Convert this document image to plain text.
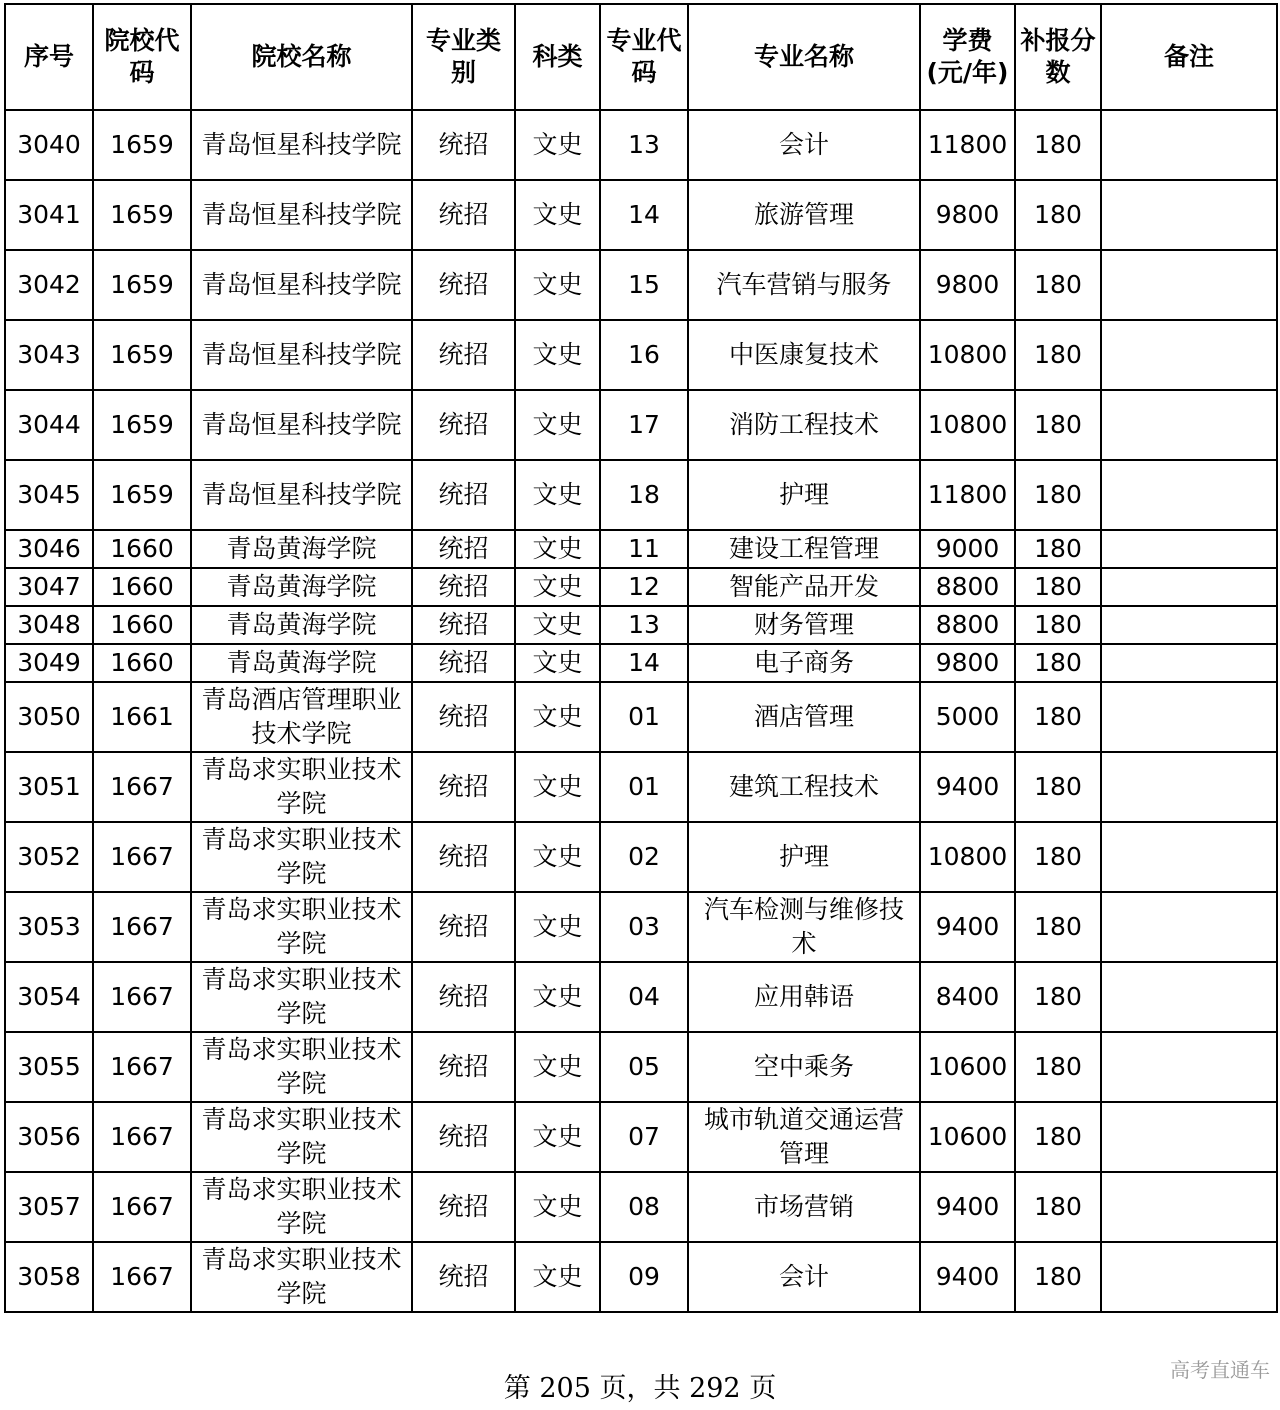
序号	院校代码	院校名称	专业类别	科类	专业代码	专业名称	学费(元/年)	补报分数	备注
3040	1659	青岛恒星科技学院	统招	文史	13	会计	11800	180	
3041	1659	青岛恒星科技学院	统招	文史	14	旅游管理	9800	180	
3042	1659	青岛恒星科技学院	统招	文史	15	汽车营销与服务	9800	180	
3043	1659	青岛恒星科技学院	统招	文史	16	中医康复技术	10800	180	
3044	1659	青岛恒星科技学院	统招	文史	17	消防工程技术	10800	180	
3045	1659	青岛恒星科技学院	统招	文史	18	护理	11800	180	
3046	1660	青岛黄海学院	统招	文史	11	建设工程管理	9000	180	
3047	1660	青岛黄海学院	统招	文史	12	智能产品开发	8800	180	
3048	1660	青岛黄海学院	统招	文史	13	财务管理	8800	180	
3049	1660	青岛黄海学院	统招	文史	14	电子商务	9800	180	
3050	1661	青岛酒店管理职业技术学院	统招	文史	01	酒店管理	5000	180	
3051	1667	青岛求实职业技术学院	统招	文史	01	建筑工程技术	9400	180	
3052	1667	青岛求实职业技术学院	统招	文史	02	护理	10800	180	
3053	1667	青岛求实职业技术学院	统招	文史	03	汽车检测与维修技术	9400	180	
3054	1667	青岛求实职业技术学院	统招	文史	04	应用韩语	8400	180	
3055	1667	青岛求实职业技术学院	统招	文史	05	空中乘务	10600	180	
3056	1667	青岛求实职业技术学院	统招	文史	07	城市轨道交通运营管理	10600	180	
3057	1667	青岛求实职业技术学院	统招	文史	08	市场营销	9400	180	
3058	1667	青岛求实职业技术学院	统招	文史	09	会计	9400	180	
第 205 页，共 292 页
高考直通车
